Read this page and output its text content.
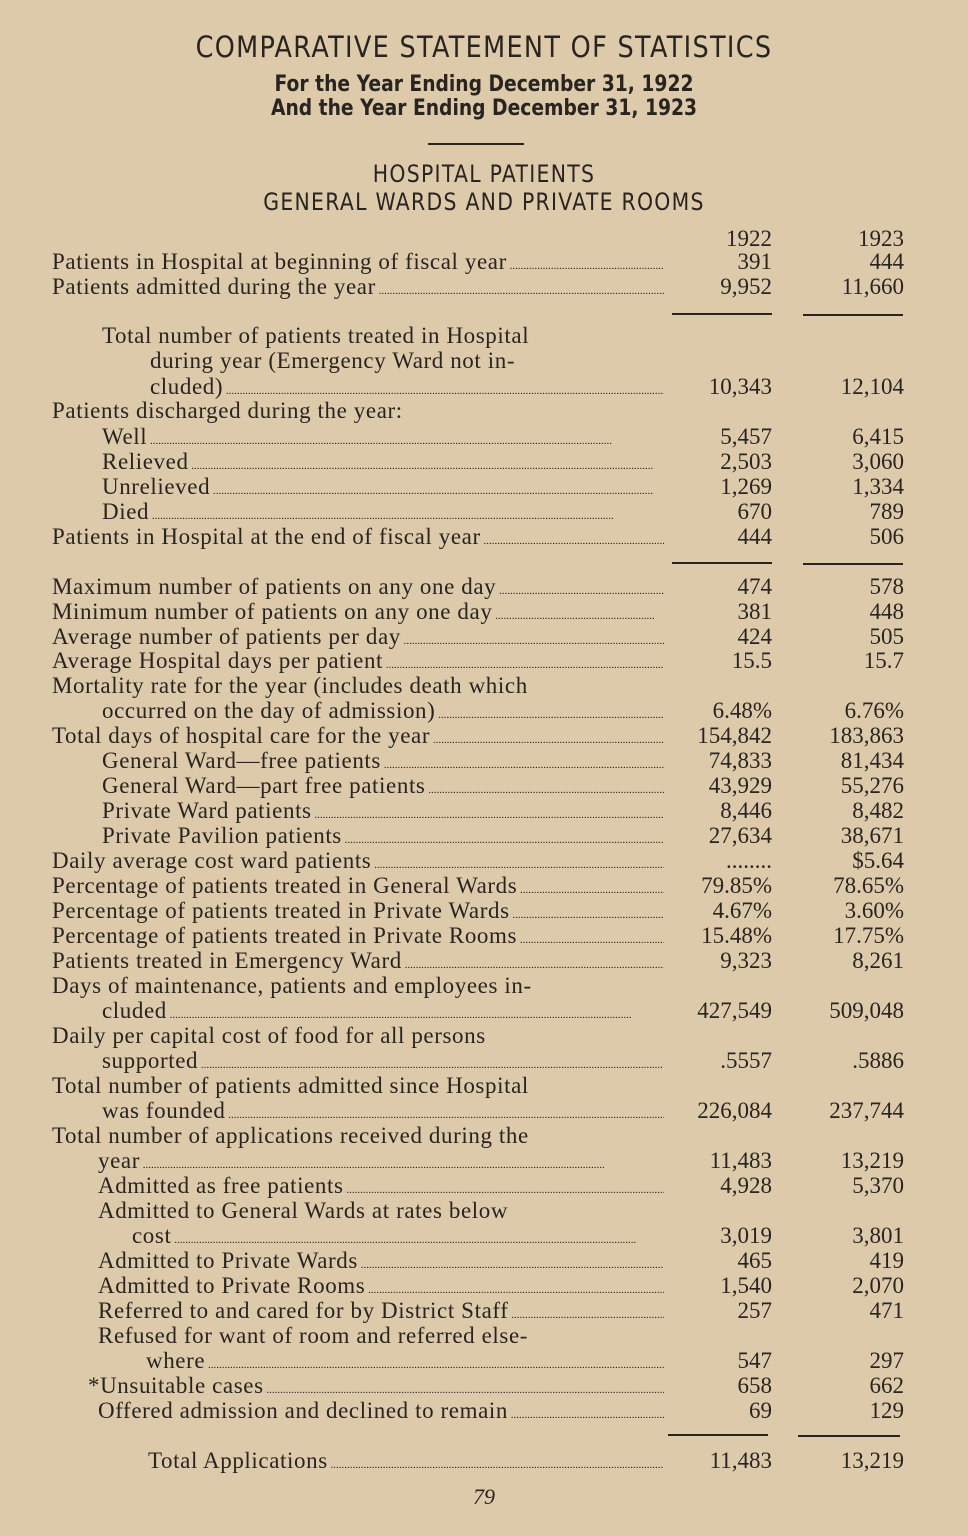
COMPARATIVE STATEMENT OF STATISTICS
For the Year Ending December 31, 1922
And the Year Ending December 31, 1923
HOSPITAL PATIENTS
GENERAL WARDS AND PRIVATE ROOMS
1922	1923
Patients in Hospital at beginning of fiscal year .....	391	444
Patients admitted during the year .....	9,952	11,660
Total number of patients treated in Hospital
during year (Emergency Ward not in-
cluded) .....	10,343	12,104
Patients discharged during the year:
Well .....	5,457	6,415
Relieved .....	2,503	3,060
Unrelieved .....	1,269	1,334
Died .....	670	789
Patients in Hospital at the end of fiscal year .....	444	506
Maximum number of patients on any one day .....	474	578
Minimum number of patients on any one day .....	381	448
Average number of patients per day .....	424	505
Average Hospital days per patient .....	15.5	15.7
Mortality rate for the year (includes death which
occurred on the day of admission) .....	6.48%	6.76%
Total days of hospital care for the year .....	154,842	183,863
General Ward—free patients .....	74,833	81,434
General Ward—part free patients .....	43,929	55,276
Private Ward patients .....	8,446	8,482
Private Pavilion patients .....	27,634	38,671
Daily average cost ward patients .....	........	$5.64
Percentage of patients treated in General Wards .....	79.85%	78.65%
Percentage of patients treated in Private Wards .....	4.67%	3.60%
Percentage of patients treated in Private Rooms .....	15.48%	17.75%
Patients treated in Emergency Ward .....	9,323	8,261
Days of maintenance, patients and employees in-
cluded .....	427,549	509,048
Daily per capital cost of food for all persons
supported .....	.5557	.5886
Total number of patients admitted since Hospital
was founded .....	226,084	237,744
Total number of applications received during the
year .....	11,483	13,219
Admitted as free patients .....	4,928	5,370
Admitted to General Wards at rates below
cost .....	3,019	3,801
Admitted to Private Wards .....	465	419
Admitted to Private Rooms .....	1,540	2,070
Referred to and cared for by District Staff .....	257	471
Refused for want of room and referred else-
where .....	547	297
*Unsuitable cases .....	658	662
Offered admission and declined to remain .....	69	129
Total Applications .....	11,483	13,219
79
